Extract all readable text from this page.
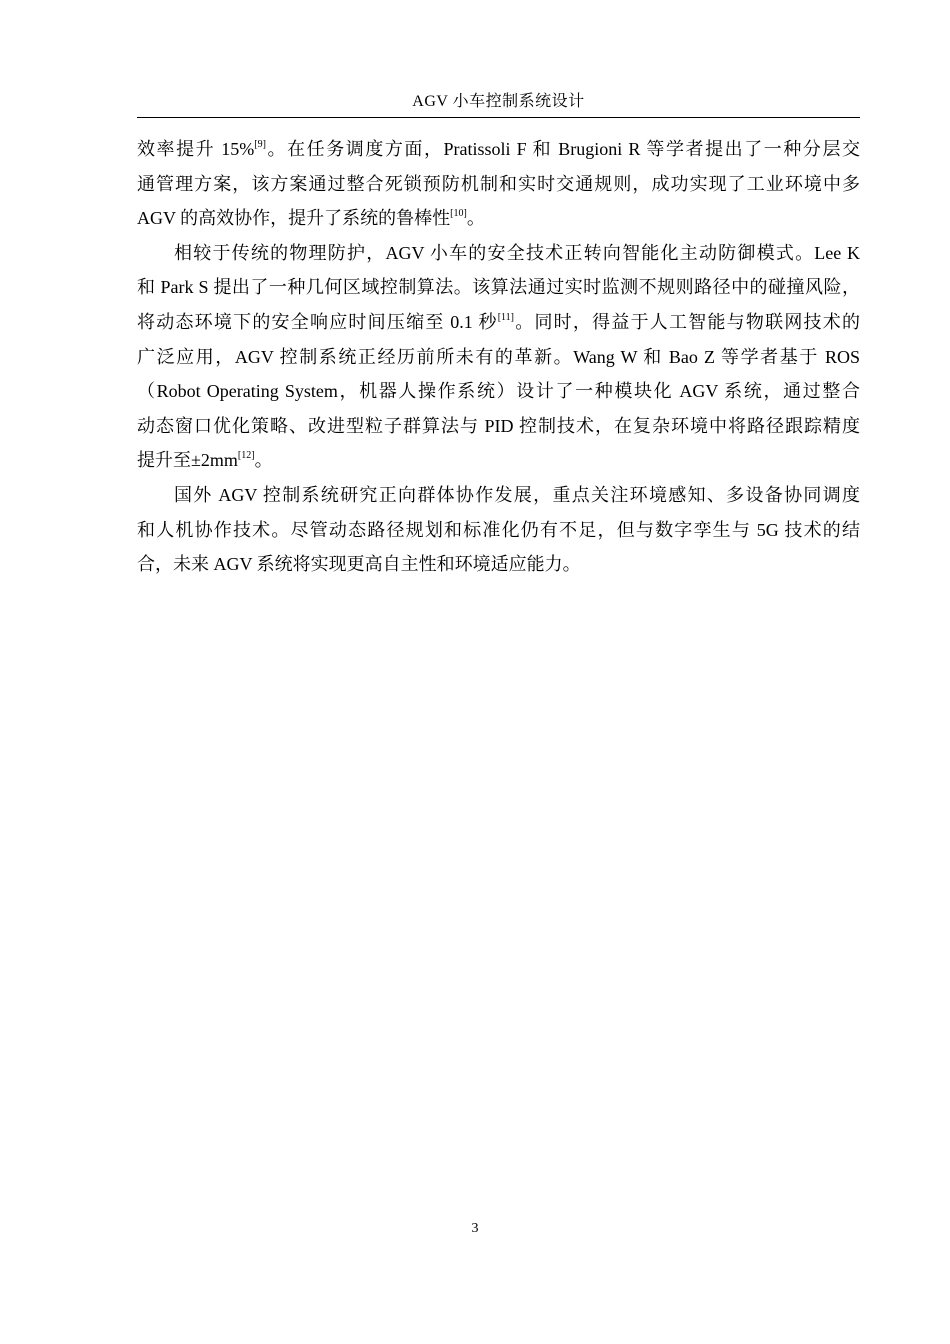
AGV 小车控制系统设计

效率提升 15%[9]。在任务调度方面，Pratissoli F 和 Brugioni R 等学者提出了一种分层交
通管理方案，该方案通过整合死锁预防机制和实时交通规则，成功实现了工业环境中多
AGV 的高效协作，提升了系统的鲁棒性[10]。

相较于传统的物理防护，AGV 小车的安全技术正转向智能化主动防御模式。Lee K
和 Park S 提出了一种几何区域控制算法。该算法通过实时监测不规则路径中的碰撞风险，
将动态环境下的安全响应时间压缩至 0.1 秒[11]。同时，得益于人工智能与物联网技术的
广泛应用，AGV 控制系统正经历前所未有的革新。Wang W 和 Bao Z 等学者基于 ROS
（Robot Operating System，机器人操作系统）设计了一种模块化 AGV 系统，通过整合
动态窗口优化策略、改进型粒子群算法与 PID 控制技术，在复杂环境中将路径跟踪精度
提升至±2mm[12]。

国外 AGV 控制系统研究正向群体协作发展，重点关注环境感知、多设备协同调度
和人机协作技术。尽管动态路径规划和标准化仍有不足，但与数字孪生与 5G 技术的结
合，未来 AGV 系统将实现更高自主性和环境适应能力。

3
